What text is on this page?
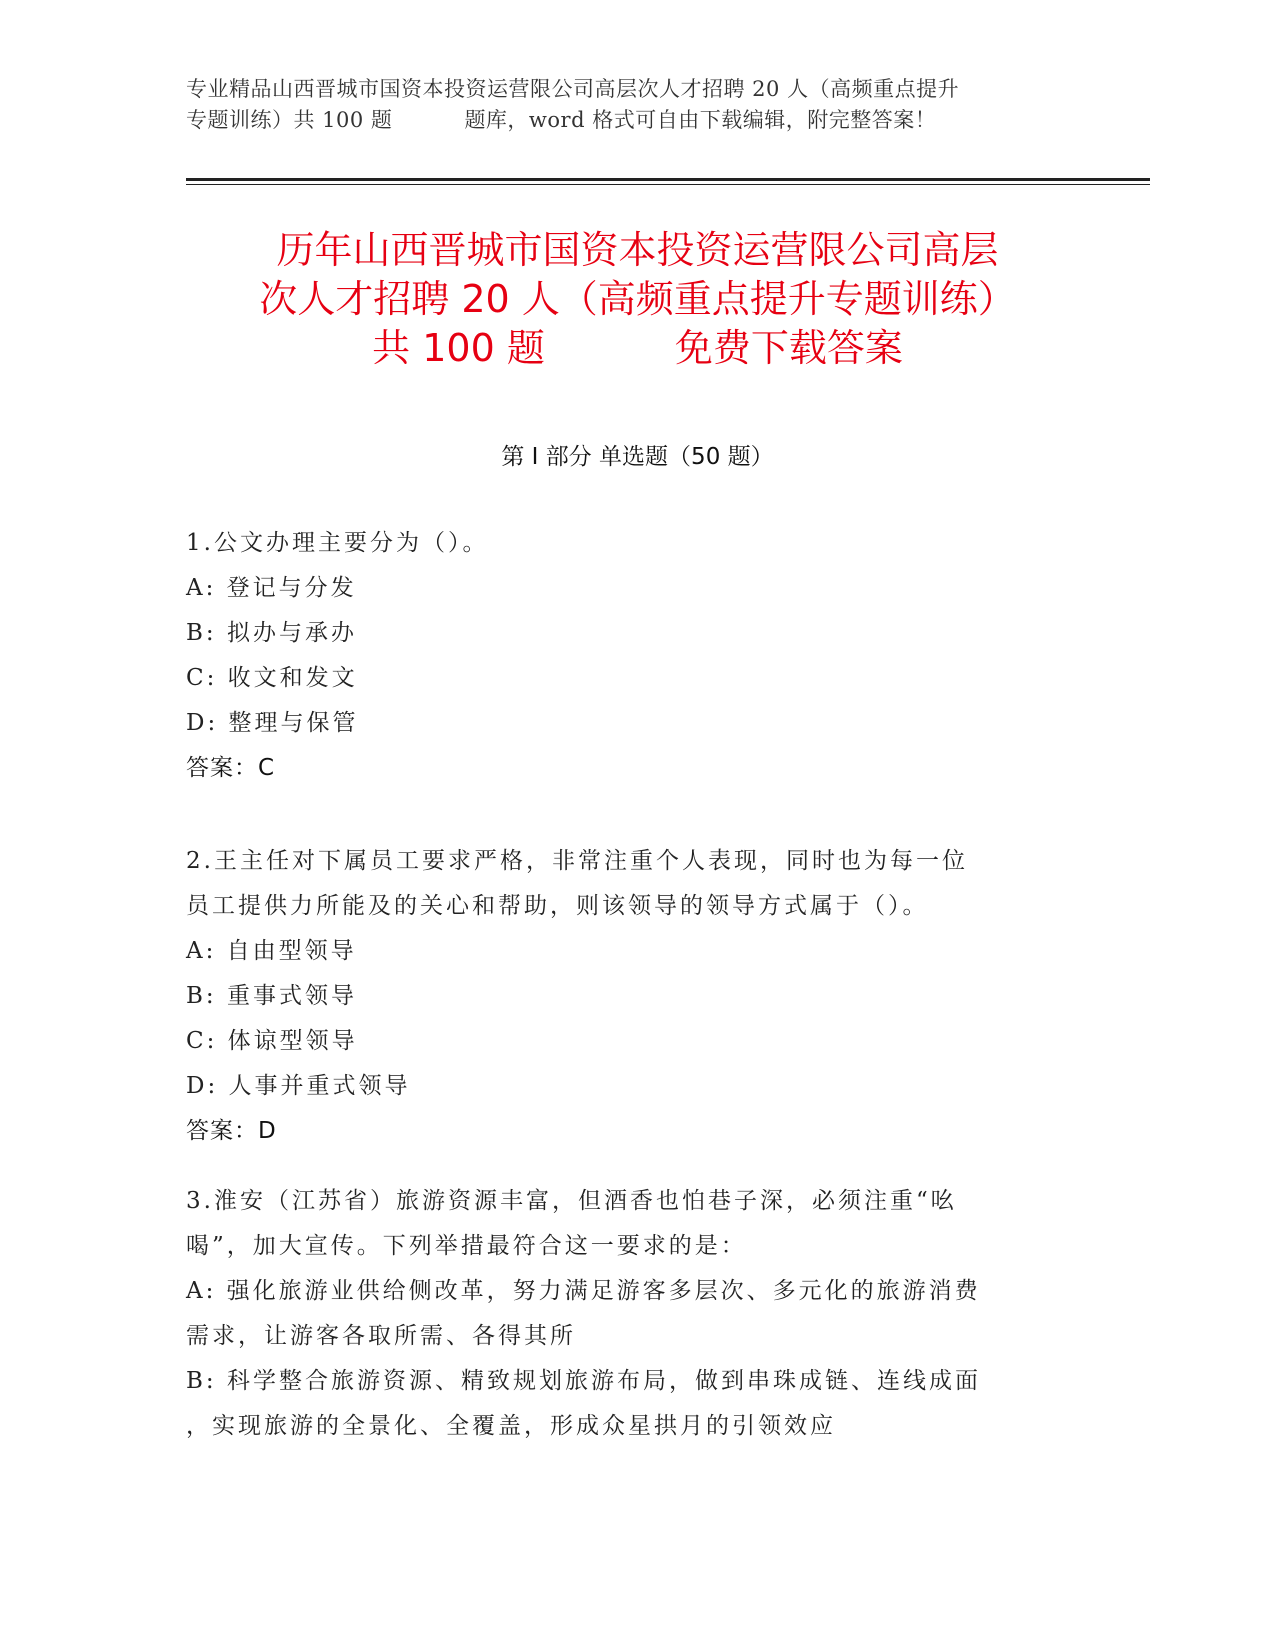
专业精品山西晋城市国资本投资运营限公司高层次人才招聘 20 人（高频重点提升
专题训练）共 100 题	题库，word 格式可自由下载编辑，附完整答案！
历年山西晋城市国资本投资运营限公司高层
次人才招聘 20 人（高频重点提升专题训练）
共 100 题	免费下载答案
第 I 部分 单选题（50 题）
1.公文办理主要分为（）。
A: 登记与分发
B: 拟办与承办
C: 收文和发文
D: 整理与保管
答案：C
2.王主任对下属员工要求严格，非常注重个人表现，同时也为每一位
员工提供力所能及的关心和帮助，则该领导的领导方式属于（）。
A: 自由型领导
B: 重事式领导
C: 体谅型领导
D: 人事并重式领导
答案：D
3.淮安（江苏省）旅游资源丰富，但酒香也怕巷子深，必须注重“吆
喝”，加大宣传。下列举措最符合这一要求的是：
A: 强化旅游业供给侧改革，努力满足游客多层次、多元化的旅游消费
需求，让游客各取所需、各得其所
B: 科学整合旅游资源、精致规划旅游布局，做到串珠成链、连线成面
，实现旅游的全景化、全覆盖，形成众星拱月的引领效应
